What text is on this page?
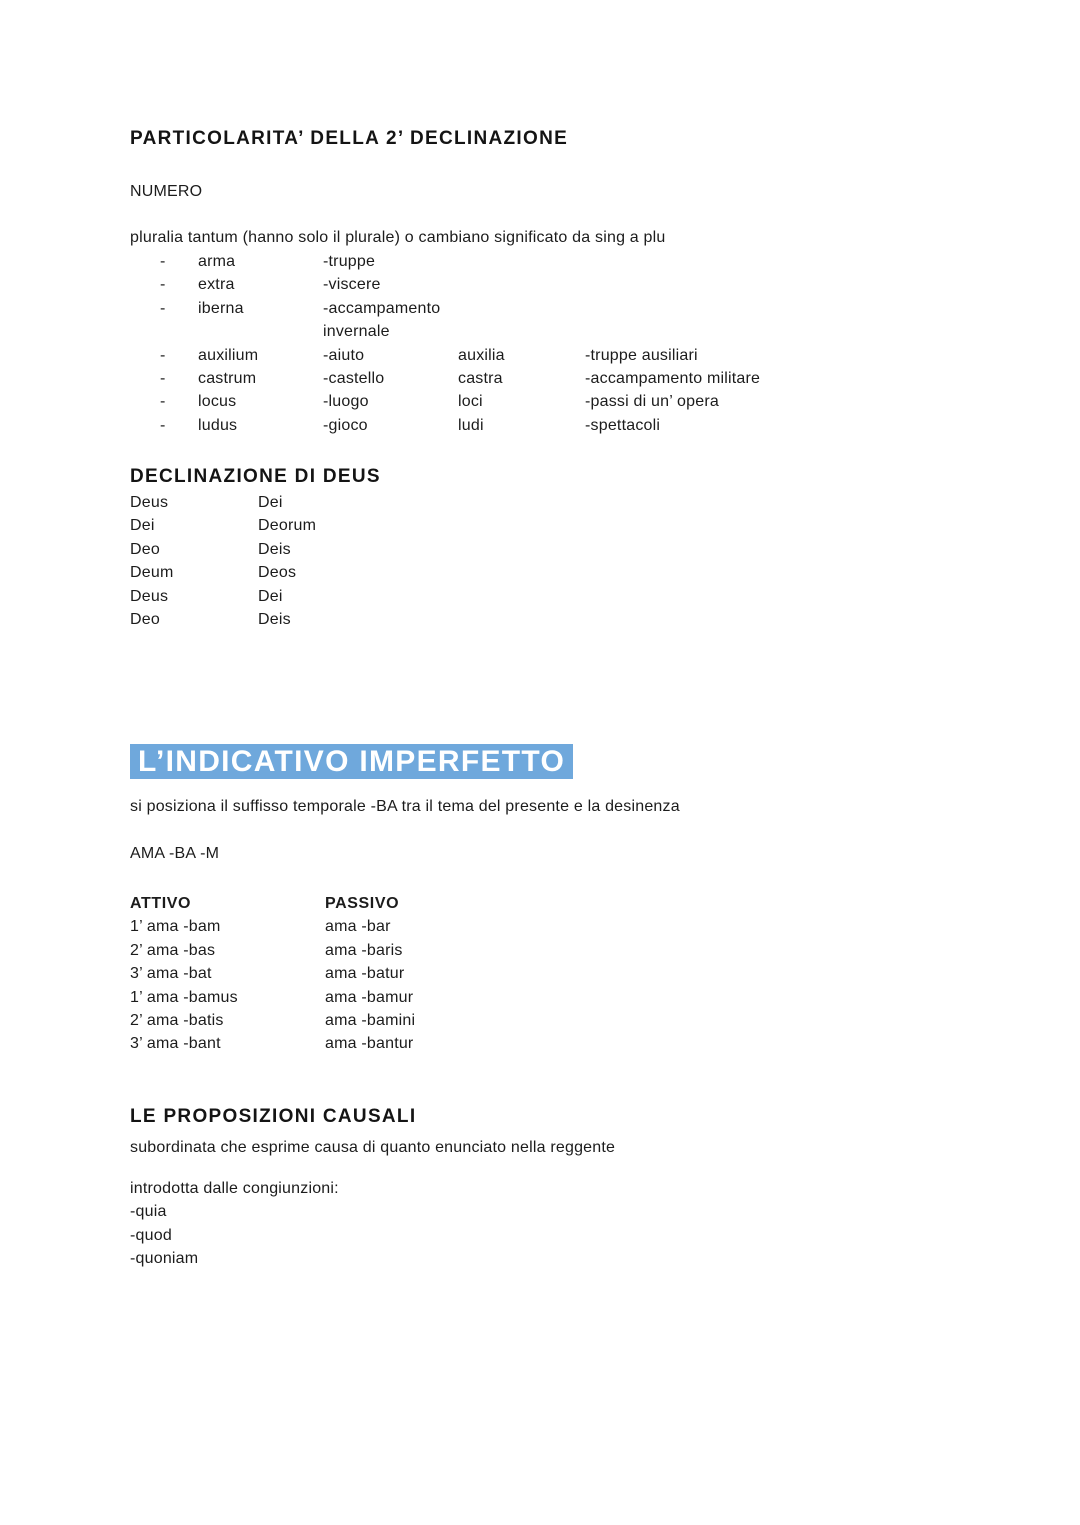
PARTICOLARITA’ DELLA 2’ DECLINAZIONE
NUMERO
pluralia tantum (hanno solo il plurale) o cambiano significato da sing a plu
-	arma	-truppe
-	extra	-viscere
-	iberna	-accampamento invernale
-	auxilium	-aiuto	auxilia	-truppe ausiliari
-	castrum	-castello	castra	-accampamento militare
-	locus	-luogo	loci	-passi di un’ opera
-	ludus	-gioco	ludi	-spettacoli
DECLINAZIONE DI DEUS
Deus	Dei
Dei	Deorum
Deo	Deis
Deum	Deos
Deus	Dei
Deo	Deis
L’INDICATIVO IMPERFETTO
si posiziona il suffisso temporale -BA tra il tema del presente e la desinenza
AMA -BA -M
ATTIVO	PASSIVO
1’ ama -bam	ama -bar
2’ ama -bas	ama -baris
3’ ama -bat	ama -batur
1’ ama -bamus	ama -bamur
2’ ama -batis	ama -bamini
3’ ama -bant	ama -bantur
LE PROPOSIZIONI CAUSALI
subordinata che esprime causa di quanto enunciato nella reggente
introdotta dalle congiunzioni:
-quia
-quod
-quoniam
